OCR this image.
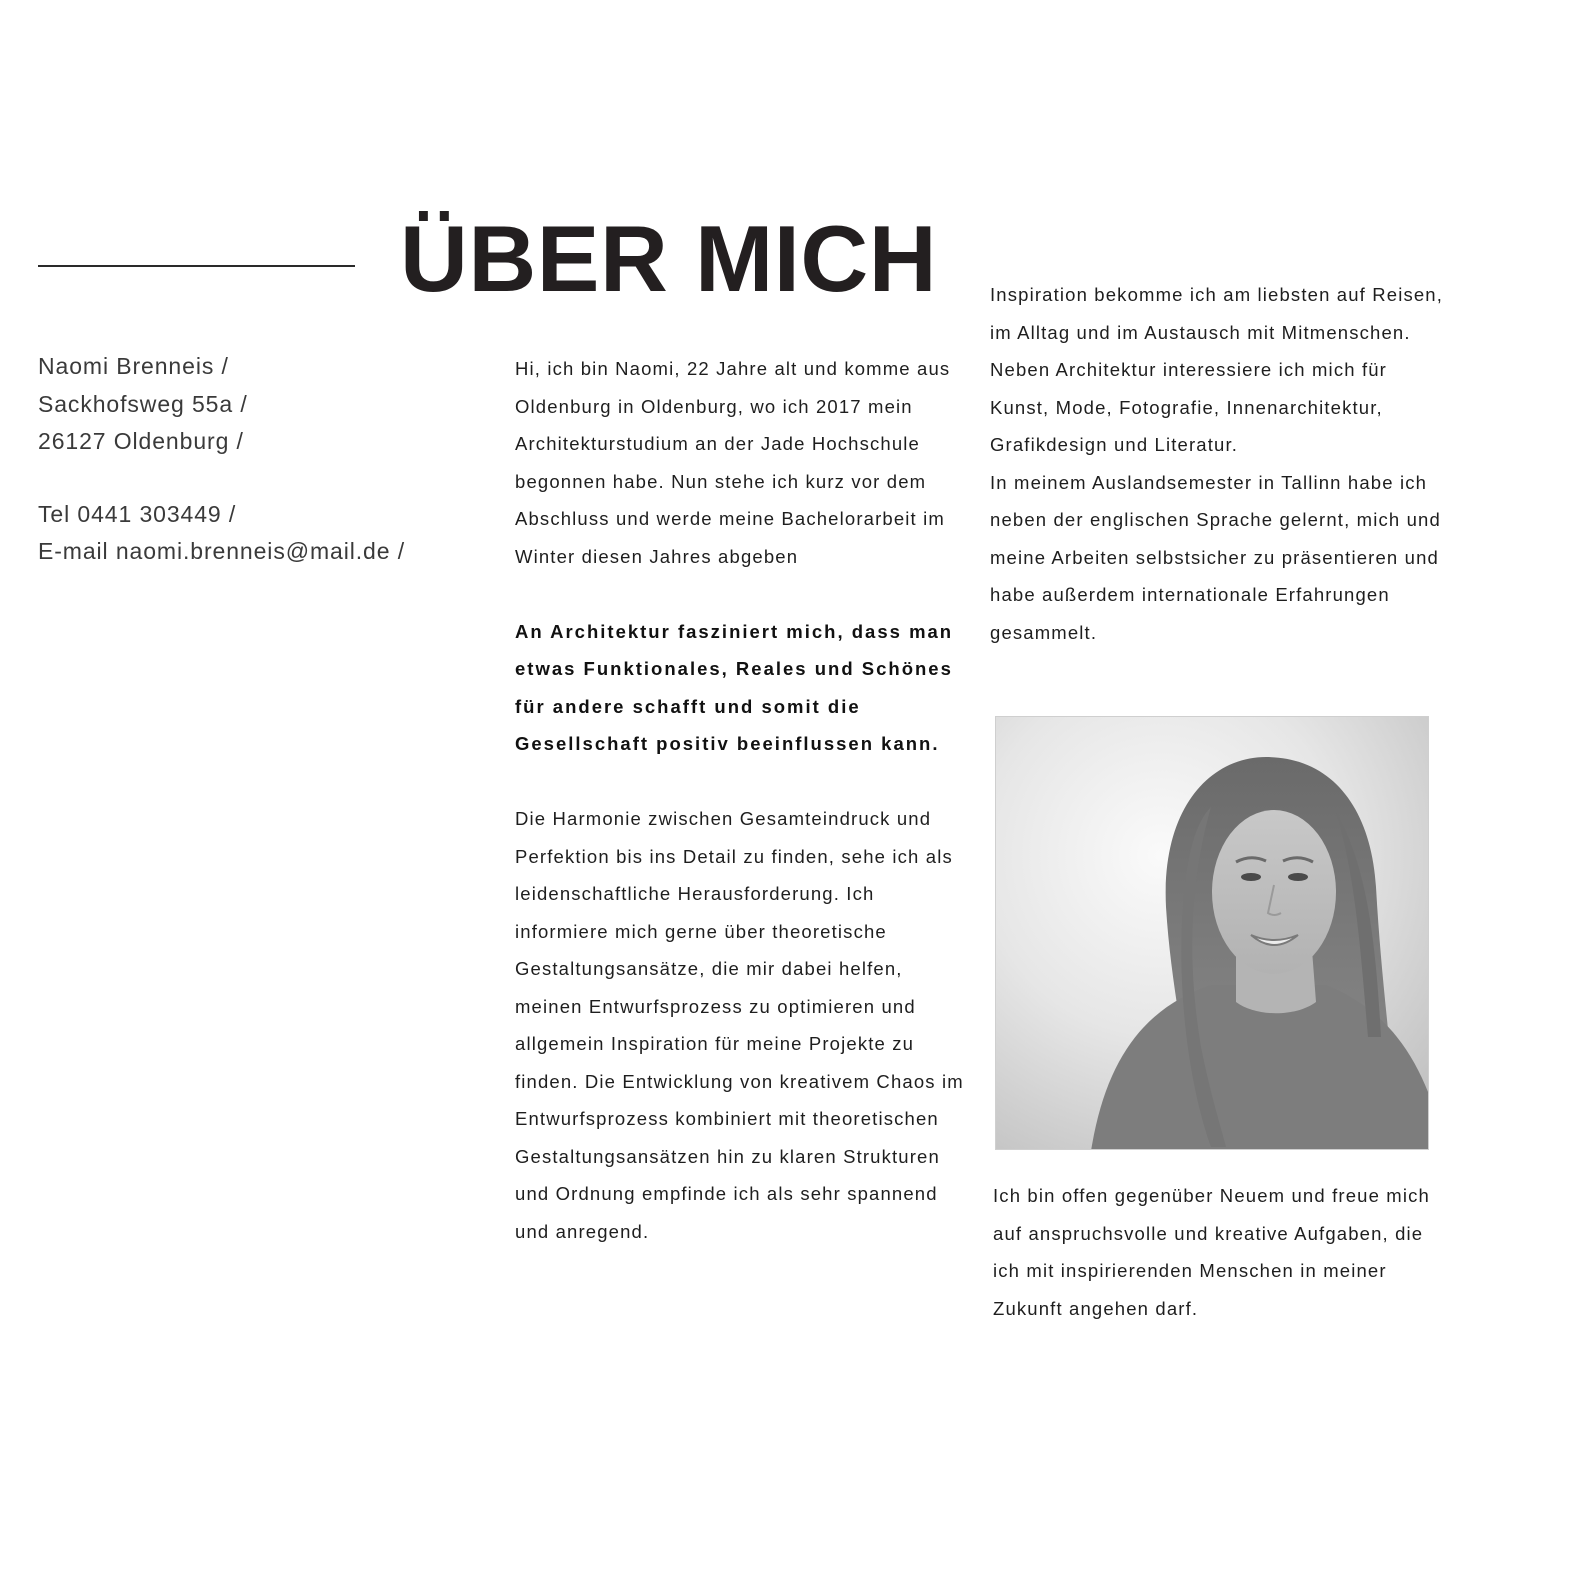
ÜBER MICH
Naomi Brenneis /
Sackhofsweg 55a /
26127 Oldenburg /
Tel 0441 303449 /
E-mail naomi.brenneis@mail.de /

Hi, ich bin Naomi, 22 Jahre alt und komme aus Oldenburg in Oldenburg, wo ich 2017 mein Architekturstudium an der Jade Hochschule begonnen habe. Nun stehe ich kurz vor dem Abschluss und werde meine Bachelorarbeit im Winter diesen Jahres abgeben

An Architektur fasziniert mich, dass man etwas Funktionales, Reales und Schönes für andere schafft und somit die Gesellschaft positiv beeinflussen kann.

Die Harmonie zwischen Gesamteindruck und Perfektion bis ins Detail zu finden, sehe ich als leidenschaftliche Herausforderung. Ich informiere mich gerne über theoretische Gestaltungsansätze, die mir dabei helfen, meinen Entwurfsprozess zu optimieren und allgemein Inspiration für meine Projekte zu finden. Die Entwicklung von kreativem Chaos im Entwurfsprozess kombiniert mit theoretischen Gestaltungsansätzen hin zu klaren Strukturen und Ordnung empfinde ich als sehr spannend und anregend.

Inspiration bekomme ich am liebsten auf Reisen, im Alltag und im Austausch mit Mitmenschen. Neben Architektur interessiere ich mich für Kunst, Mode, Fotografie, Innenarchitektur, Grafikdesign und Literatur.

In meinem Auslandsemester in Tallinn habe ich neben der englischen Sprache gelernt, mich und meine Arbeiten selbstsicher zu präsentieren und habe außerdem internationale Erfahrungen gesammelt.

Ich bin offen gegenüber Neuem und freue mich auf anspruchsvolle und kreative Aufgaben, die ich mit inspirierenden Menschen in meiner Zukunft angehen darf.
